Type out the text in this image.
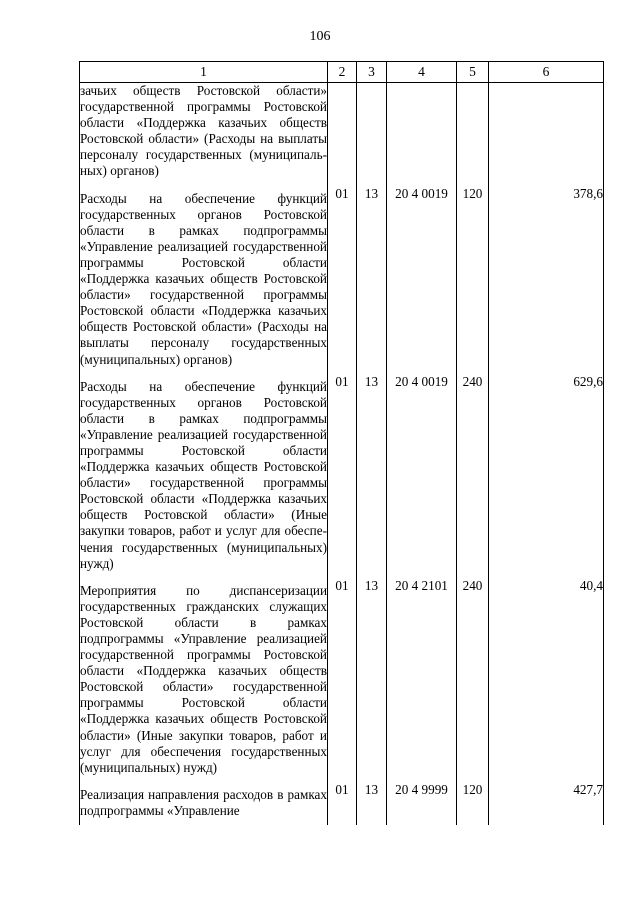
106
1	2	3	4	5	6
зачьих обществ Ростовской области» государственной программы Ростовской области «Поддержка казачьих обществ Ростовской области» (Расходы на выплаты персоналу государственных (муниципальных) органов)					
Расходы на обеспечение функций государственных органов Ростовской области в рамках подпрограммы «Управление реализацией государственной программы Ростовской области «Поддержка казачьих обществ Ростовской области» государственной программы Ростовской области «Поддержка казачьих обществ Ростовской области» (Расходы на выплаты персоналу государственных (муниципальных) органов)	01	13	20 4 0019	120	378,6
Расходы на обеспечение функций государственных органов Ростовской области в рамках подпрограммы «Управление реализацией государственной программы Ростовской области «Поддержка казачьих обществ Ростовской области» государственной программы Ростовской области «Поддержка казачьих обществ Ростовской области» (Иные закупки товаров, работ и услуг для обеспечения государственных (муниципальных) нужд)	01	13	20 4 0019	240	629,6
Мероприятия по диспансеризации государственных гражданских служащих Ростовской области в рамках подпрограммы «Управление реализацией государственной программы Ростовской области «Поддержка казачьих обществ Ростовской области» государственной программы Ростовской области «Поддержка казачьих обществ Ростовской области» (Иные закупки товаров, работ и услуг для обеспечения государственных (муниципальных) нужд)	01	13	20 4 2101	240	40,4
Реализация направления расходов в рамках подпрограммы «Управление	01	13	20 4 9999	120	427,7
